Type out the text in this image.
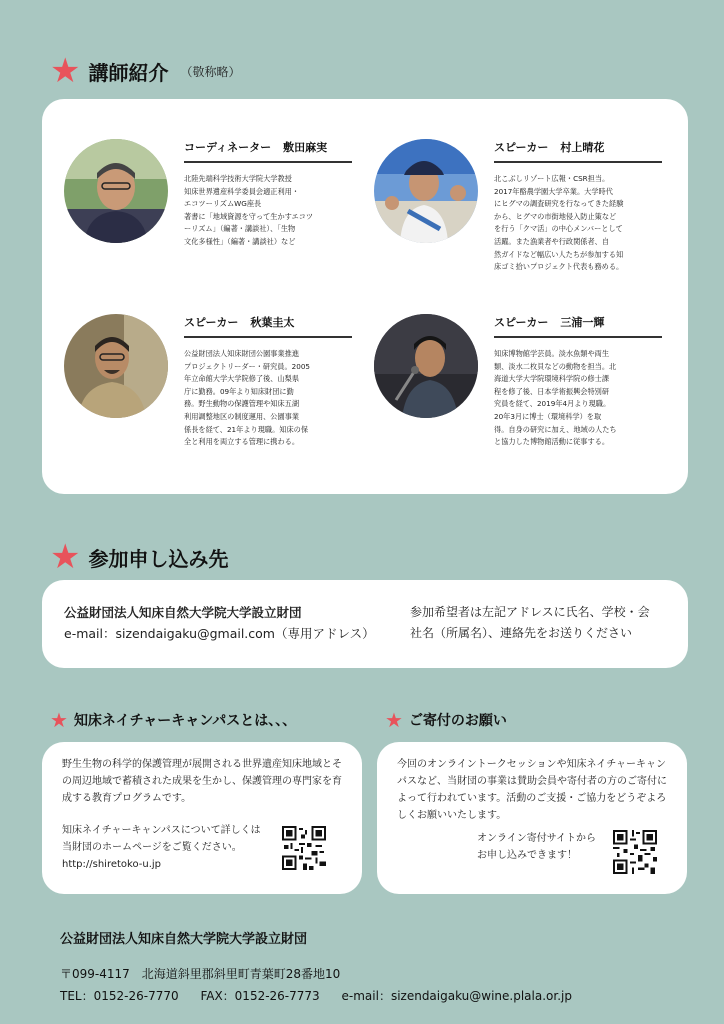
★ 講師紹介 （敬称略）
コーディネーター 敷田麻実
北陸先端科学技術大学院大学教授
知床世界遺産科学委員会適正利用・
エコツーリズムWG座長
著書に「地域資源を守って生かすエコツ
ーリズム」（編著・講談社）、「生物
文化多様性」（編著・講談社）など
スピーカー 村上晴花
北こぶしリゾート広報・CSR担当。
2017年酪農学園大学卒業。大学時代
にヒグマの調査研究を行なってきた経験
から、ヒグマの市街地侵入防止策など
を行う「クマ活」の中心メンバーとして
活躍。また漁業者や行政関係者、自
然ガイドなど幅広い人たちが参加する知
床ゴミ拾いプロジェクト代表も務める。
スピーカー 秋葉圭太
公益財団法人知床財団公園事業推進
プロジェクトリーダー・研究員。2005
年立命館大学大学院修了後、山梨県
庁に勤務。09年より知床財団に勤
務。野生動物の保護管理や知床五湖
利用調整地区の制度運用、公園事業
係長を経て、21年より現職。知床の保
全と利用を両立する管理に携わる。
スピーカー 三浦一輝
知床博物館学芸員。淡水魚類や両生
類、淡水二枚貝などの動物を担当。北
海道大学大学院環境科学院の修士課
程を修了後、日本学術振興会特別研
究員を経て、2019年4月より現職。
20年3月に博士（環境科学）を取
得。自身の研究に加え、地域の人たち
と協力した博物館活動に従事する。
★ 参加申し込み先
公益財団法人知床自然大学院大学設立財団
e-mail：sizendaigaku@gmail.com（専用アドレス）
参加希望者は左記アドレスに氏名、学校・会社名（所属名）、連絡先をお送りください
★ 知床ネイチャーキャンパスとは、、、	★ ご寄付のお願い
野生生物の科学的保護管理が展開される世界遺産知床地域とその周辺地域で蓄積された成果を生かし、保護管理の専門家を育成する教育プログラムです。
知床ネイチャーキャンパスについて詳しくは
当財団のホームページをご覧ください。
http://shiretoko-u.jp
今回のオンライントークセッションや知床ネイチャーキャンパスなど、当財団の事業は賛助会員や寄付者の方のご寄付によって行われています。活動のご支援・ご協力をどうぞよろしくお願いいたします。
オンライン寄付サイトから
お申し込みできます！
公益財団法人知床自然大学院大学設立財団
〒099-4117　北海道斜里郡斜里町青葉町28番地10
TEL：0152-26-7770 FAX：0152-26-7773 e-mail：sizendaigaku@wine.plala.or.jp
